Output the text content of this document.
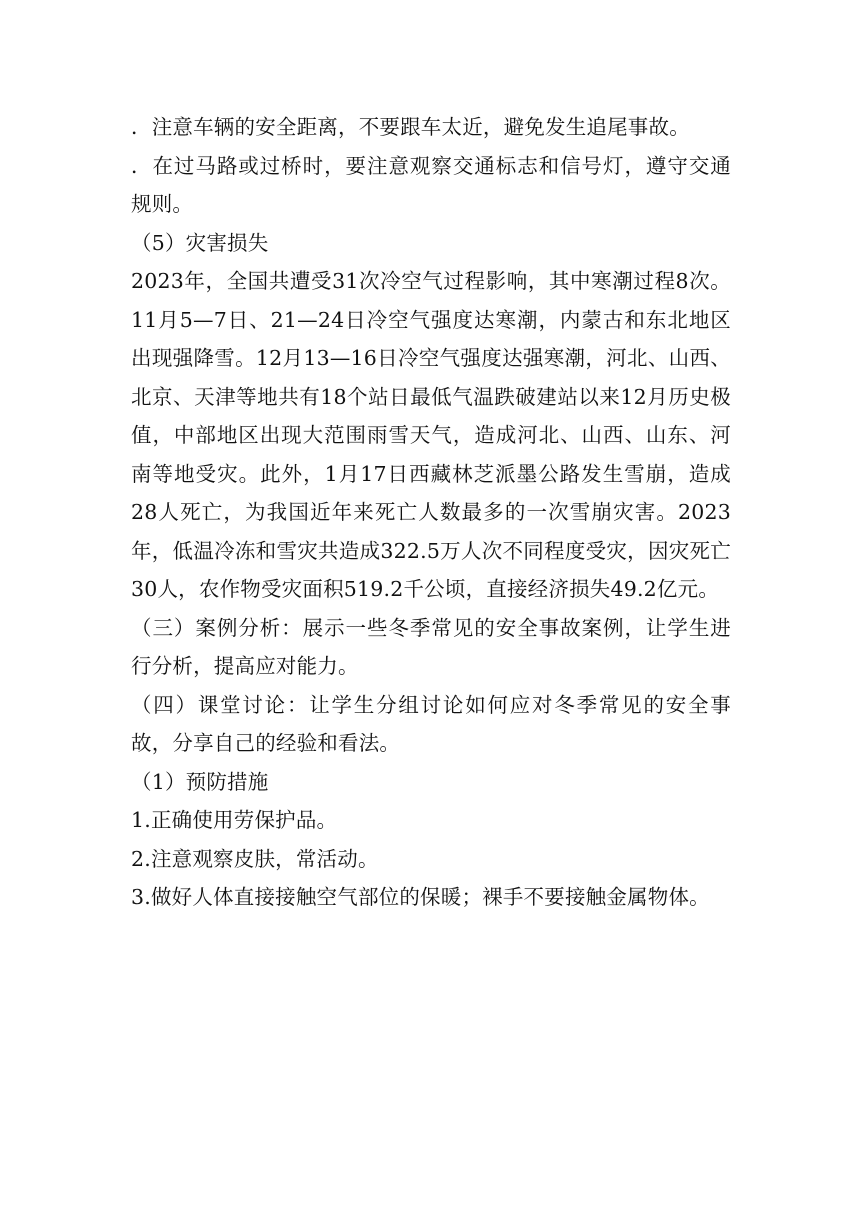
．注意车辆的安全距离，不要跟车太近，避免发生追尾事故。

．在过马路或过桥时，要注意观察交通标志和信号灯，遵守交通规则。

（5）灾害损失

2023年，全国共遭受31次冷空气过程影响，其中寒潮过程8次。11月5—7日、21—24日冷空气强度达寒潮，内蒙古和东北地区出现强降雪。12月13—16日冷空气强度达强寒潮，河北、山西、北京、天津等地共有18个站日最低气温跌破建站以来12月历史极值，中部地区出现大范围雨雪天气，造成河北、山西、山东、河南等地受灾。此外，1月17日西藏林芝派墨公路发生雪崩，造成28人死亡，为我国近年来死亡人数最多的一次雪崩灾害。2023年，低温冷冻和雪灾共造成322.5万人次不同程度受灾，因灾死亡30人，农作物受灾面积519.2千公顷，直接经济损失49.2亿元。

（三）案例分析：展示一些冬季常见的安全事故案例，让学生进行分析，提高应对能力。

（四）课堂讨论：让学生分组讨论如何应对冬季常见的安全事故，分享自己的经验和看法。

（1）预防措施

1.正确使用劳保护品。

2.注意观察皮肤，常活动。

3.做好人体直接接触空气部位的保暖；裸手不要接触金属物体。
